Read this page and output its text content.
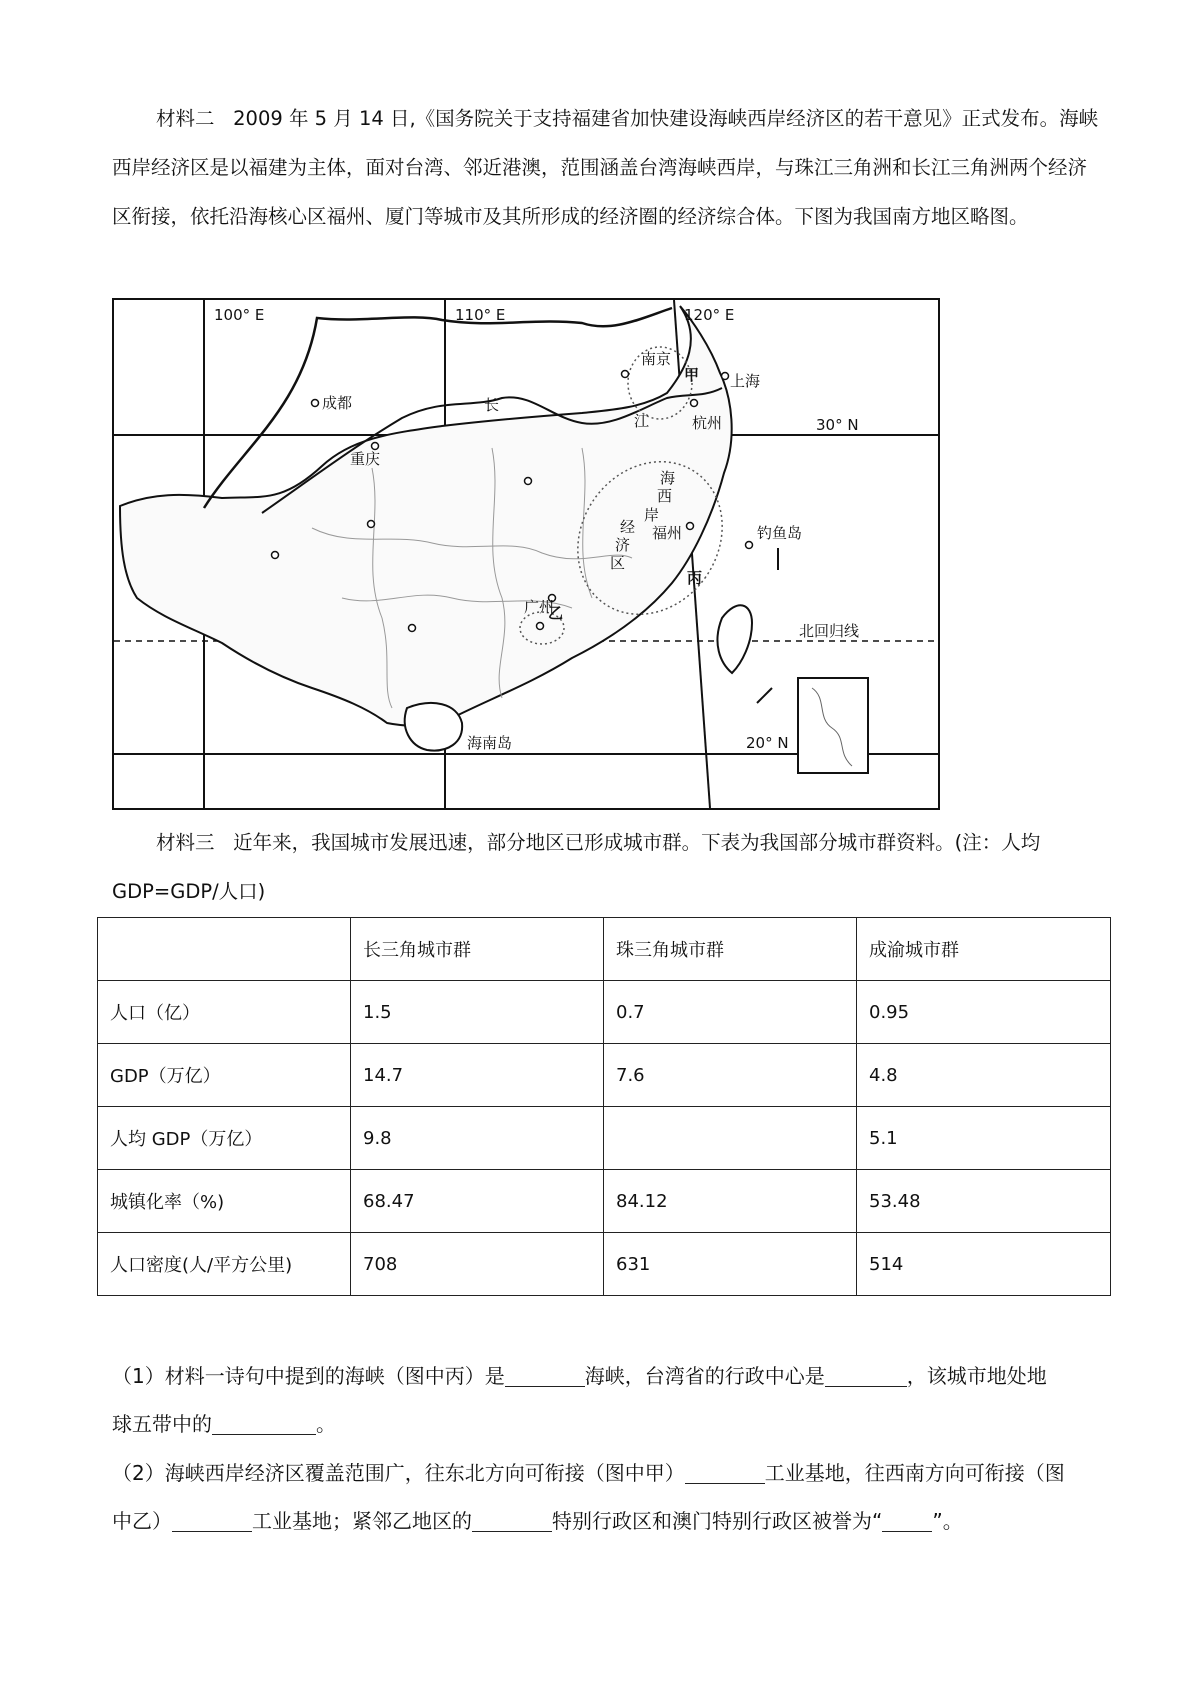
材料二 2009 年 5 月 14 日,《国务院关于支持福建省加快建设海峡西岸经济区的若干意见》正式发布。海峡西岸经济区是以福建为主体，面对台湾、邻近港澳，范围涵盖台湾海峡西岸，与珠江三角洲和长江三角洲两个经济区衔接，依托沿海核心区福州、厦门等城市及其所形成的经济圈的经济综合体。下图为我国南方地区略图。

100° E	110° E	120° E
30° N
20° N
北回归线
成都
重庆
南京
上海
杭州
福州
广州
钓鱼岛
海南岛
长
江
海
西
岸
经
济
区
甲
乙
丙

材料三 近年来，我国城市发展迅速，部分地区已形成城市群。下表为我国部分城市群资料。(注：人均 GDP=GDP/人口)

	长三角城市群	珠三角城市群	成渝城市群
人口（亿）	1.5	0.7	0.95
GDP（万亿）	14.7	7.6	4.8
人均 GDP（万亿）	9.8		5.1
城镇化率（%)	68.47	84.12	53.48
人口密度(人/平方公里)	708	631	514

（1）材料一诗句中提到的海峡（图中丙）是	海峡，台湾省的行政中心是	，该城市地处地
球五带中的	。

（2）海峡西岸经济区覆盖范围广，往东北方向可衔接（图中甲）	工业基地，往西南方向可衔接（图
中乙）	工业基地；紧邻乙地区的	特别行政区和澳门特别行政区被誉为“	”。
